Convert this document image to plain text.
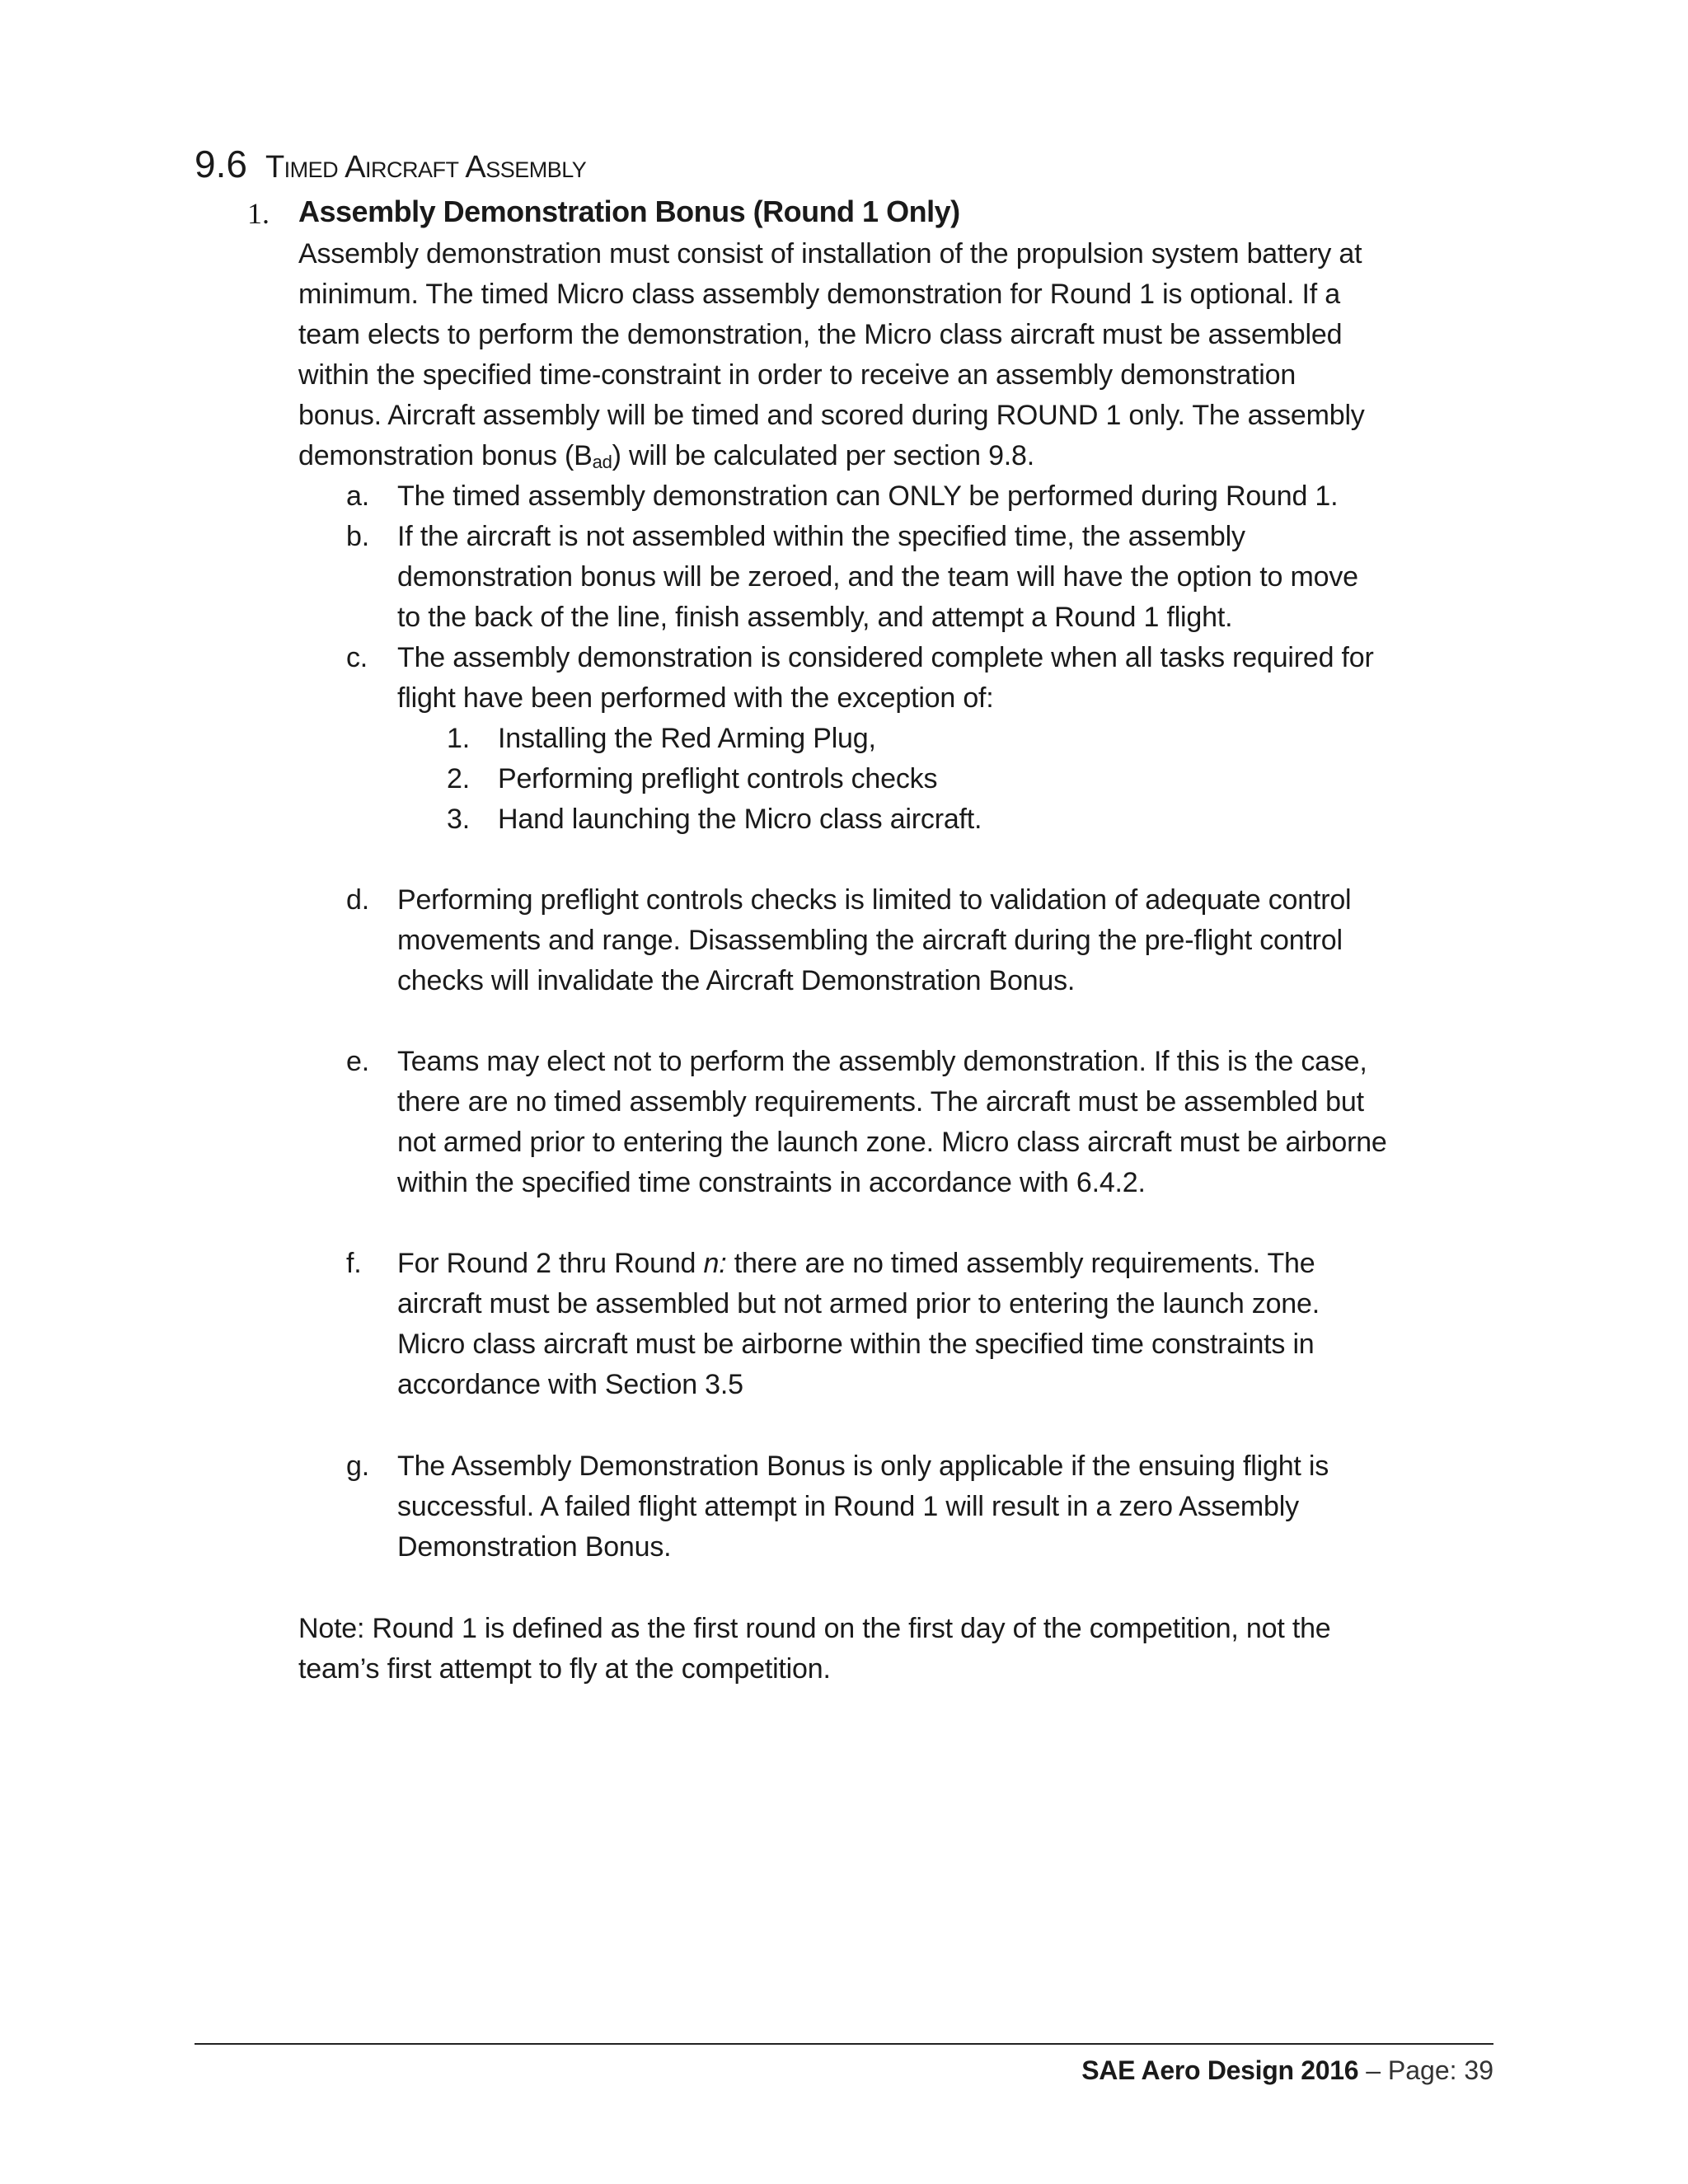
9.6 Timed Aircraft Assembly
1. Assembly Demonstration Bonus (Round 1 Only)
Assembly demonstration must consist of installation of the propulsion system battery at
minimum. The timed Micro class assembly demonstration for Round 1 is optional. If a
team elects to perform the demonstration, the Micro class aircraft must be assembled
within the specified time-constraint in order to receive an assembly demonstration
bonus. Aircraft assembly will be timed and scored during ROUND 1 only. The assembly
demonstration bonus $(B_{ad})$ will be calculated per section 9.8.
a. The timed assembly demonstration can ONLY be performed during Round 1.
b. If the aircraft is not assembled within the specified time, the assembly
demonstration bonus will be zeroed, and the team will have the option to move
to the back of the line, finish assembly, and attempt a Round 1 flight.
c. The assembly demonstration is considered complete when all tasks required for
flight have been performed with the exception of:
1. Installing the Red Arming Plug,
2. Performing preflight controls checks
3. Hand launching the Micro class aircraft.
d. Performing preflight controls checks is limited to validation of adequate control
movements and range. Disassembling the aircraft during the pre-flight control
checks will invalidate the Aircraft Demonstration Bonus.
e. Teams may elect not to perform the assembly demonstration. If this is the case,
there are no timed assembly requirements. The aircraft must be assembled but
not armed prior to entering the launch zone. Micro class aircraft must be airborne
within the specified time constraints in accordance with 6.4.2.
f. For Round 2 thru Round n: there are no timed assembly requirements. The
aircraft must be assembled but not armed prior to entering the launch zone.
Micro class aircraft must be airborne within the specified time constraints in
accordance with Section 3.5
g. The Assembly Demonstration Bonus is only applicable if the ensuing flight is
successful. A failed flight attempt in Round 1 will result in a zero Assembly
Demonstration Bonus.
Note: Round 1 is defined as the first round on the first day of the competition, not the
team’s first attempt to fly at the competition.
SAE Aero Design 2016 – Page: 39
